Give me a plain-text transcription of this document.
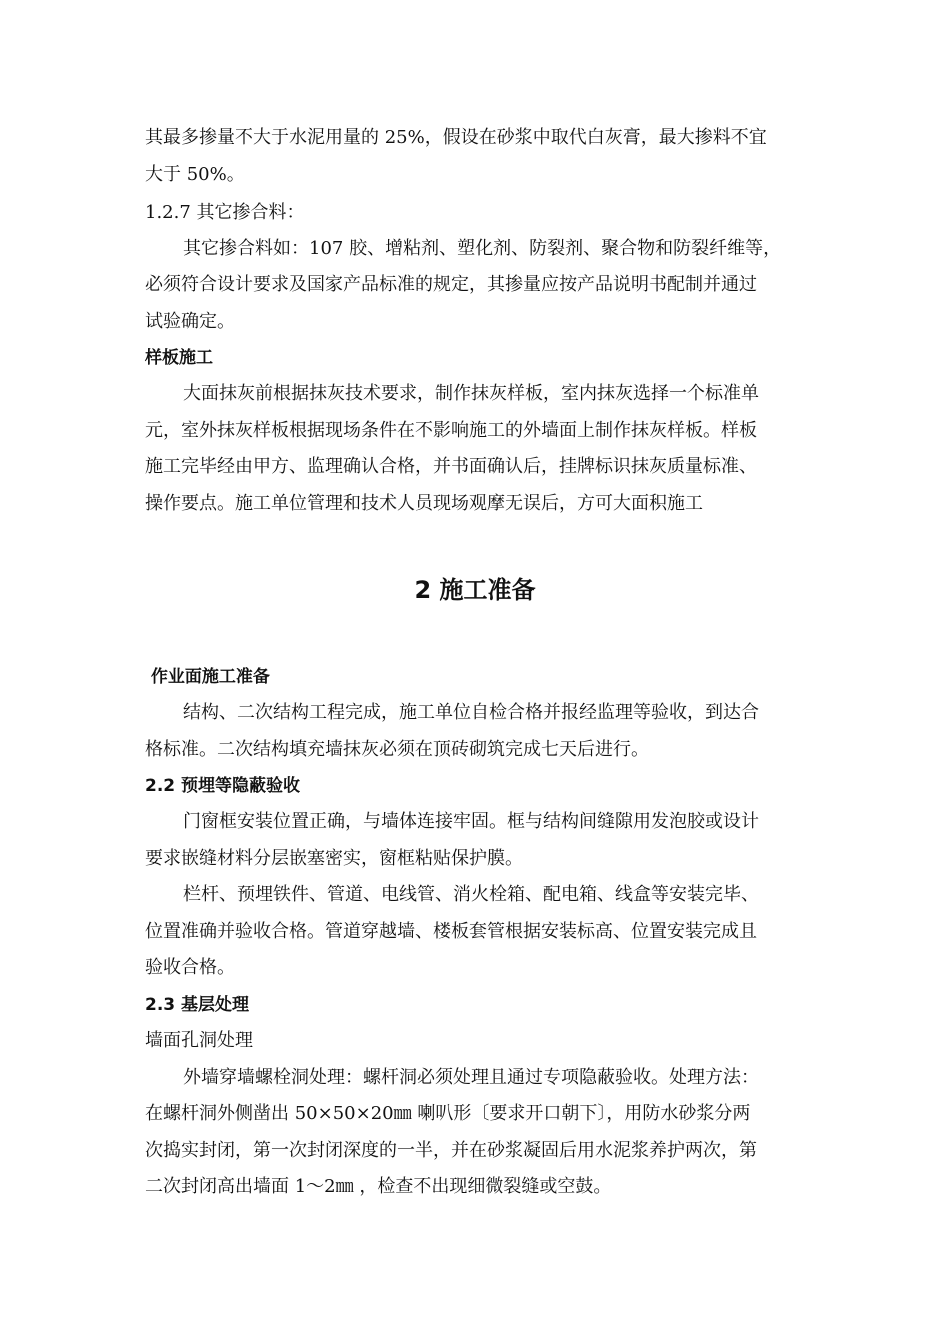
其最多掺量不大于水泥用量的 25%，假设在砂浆中取代白灰膏，最大掺料不宜
大于 50%。
1.2.7 其它掺合料：
其它掺合料如：107 胶、增粘剂、塑化剂、防裂剂、聚合物和防裂纤维等，
必须符合设计要求及国家产品标准的规定，其掺量应按产品说明书配制并通过
试验确定。
样板施工
大面抹灰前根据抹灰技术要求，制作抹灰样板，室内抹灰选择一个标准单
元，室外抹灰样板根据现场条件在不影响施工的外墙面上制作抹灰样板。样板
施工完毕经由甲方、监理确认合格，并书面确认后，挂牌标识抹灰质量标准、
操作要点。施工单位管理和技术人员现场观摩无误后，方可大面积施工
2 施工准备
作业面施工准备
结构、二次结构工程完成，施工单位自检合格并报经监理等验收，到达合
格标准。二次结构填充墙抹灰必须在顶砖砌筑完成七天后进行。
2.2 预埋等隐蔽验收
门窗框安装位置正确，与墙体连接牢固。框与结构间缝隙用发泡胶或设计
要求嵌缝材料分层嵌塞密实，窗框粘贴保护膜。
栏杆、预埋铁件、管道、电线管、消火栓箱、配电箱、线盒等安装完毕、
位置准确并验收合格。管道穿越墙、楼板套管根据安装标高、位置安装完成且
验收合格。
2.3 基层处理
墙面孔洞处理
外墙穿墙螺栓洞处理：螺杆洞必须处理且通过专项隐蔽验收。处理方法：
在螺杆洞外侧凿出 50×50×20㎜ 喇叭形〔要求开口朝下〕，用防水砂浆分两
次捣实封闭，第一次封闭深度的一半，并在砂浆凝固后用水泥浆养护两次，第
二次封闭高出墙面 1～2㎜ ，检查不出现细微裂缝或空鼓。
